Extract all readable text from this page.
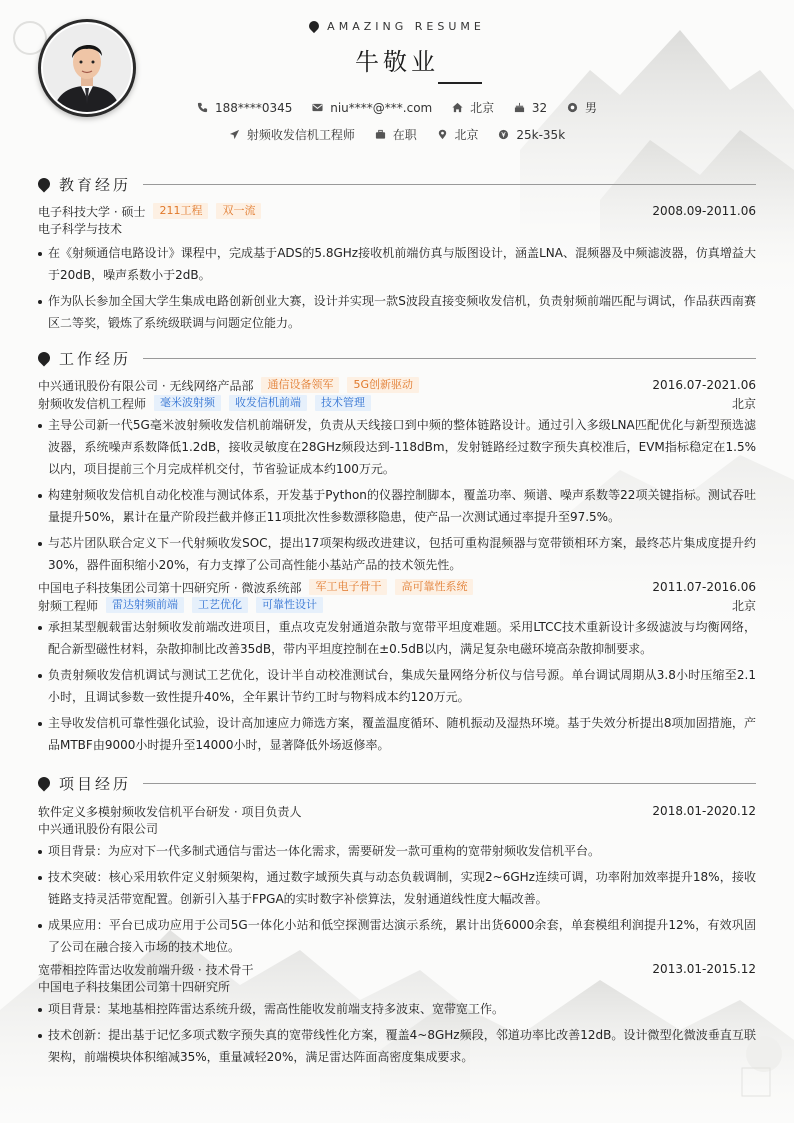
AMAZING RESUME
牛敬业
188****0345	niu****@***.com	北京	32	男
射频收发信机工程师	在职	北京	25k-35k
教育经历
电子科技大学 · 硕士	211工程	双一流	2008.09-2011.06
电子科学与技术
在《射频通信电路设计》课程中，完成基于ADS的5.8GHz接收机前端仿真与版图设计，涵盖LNA、混频器及中频滤波器，仿真增益大于20dB，噪声系数小于2dB。
作为队长参加全国大学生集成电路创新创业大赛，设计并实现一款S波段直接变频收发信机，负责射频前端匹配与调试，作品获西南赛区二等奖，锻炼了系统级联调与问题定位能力。
工作经历
中兴通讯股份有限公司 · 无线网络产品部	通信设备领军	5G创新驱动	2016.07-2021.06
射频收发信机工程师	毫米波射频	收发信机前端	技术管理	北京
主导公司新一代5G毫米波射频收发信机前端研发，负责从天线接口到中频的整体链路设计。通过引入多级LNA匹配优化与新型预选滤波器，系统噪声系数降低1.2dB，接收灵敏度在28GHz频段达到-118dBm，发射链路经过数字预失真校准后，EVM指标稳定在1.5%以内，项目提前三个月完成样机交付，节省验证成本约100万元。
构建射频收发信机自动化校准与测试体系，开发基于Python的仪器控制脚本，覆盖功率、频谱、噪声系数等22项关键指标。测试吞吐量提升50%，累计在量产阶段拦截并修正11项批次性参数漂移隐患，使产品一次测试通过率提升至97.5%。
与芯片团队联合定义下一代射频收发SOC，提出17项架构级改进建议，包括可重构混频器与宽带锁相环方案，最终芯片集成度提升约30%，器件面积缩小20%，有力支撑了公司高性能小基站产品的技术领先性。
中国电子科技集团公司第十四研究所 · 微波系统部	军工电子骨干	高可靠性系统	2011.07-2016.06
射频工程师	雷达射频前端	工艺优化	可靠性设计	北京
承担某型舰载雷达射频收发前端改进项目，重点攻克发射通道杂散与宽带平坦度难题。采用LTCC技术重新设计多级滤波与均衡网络，配合新型磁性材料，杂散抑制比改善35dB，带内平坦度控制在±0.5dB以内，满足复杂电磁环境高杂散抑制要求。
负责射频收发信机调试与测试工艺优化，设计半自动校准测试台，集成矢量网络分析仪与信号源。单台调试周期从3.8小时压缩至2.1小时，且调试参数一致性提升40%，全年累计节约工时与物料成本约120万元。
主导收发信机可靠性强化试验，设计高加速应力筛选方案，覆盖温度循环、随机振动及湿热环境。基于失效分析提出8项加固措施，产品MTBF由9000小时提升至14000小时，显著降低外场返修率。
项目经历
软件定义多模射频收发信机平台研发 · 项目负责人	2018.01-2020.12
中兴通讯股份有限公司
项目背景：为应对下一代多制式通信与雷达一体化需求，需要研发一款可重构的宽带射频收发信机平台。
技术突破：核心采用软件定义射频架构，通过数字域预失真与动态负载调制，实现2~6GHz连续可调，功率附加效率提升18%，接收链路支持灵活带宽配置。创新引入基于FPGA的实时数字补偿算法，发射通道线性度大幅改善。
成果应用：平台已成功应用于公司5G一体化小站和低空探测雷达演示系统，累计出货6000余套，单套模组利润提升12%，有效巩固了公司在融合接入市场的技术地位。
宽带相控阵雷达收发前端升级 · 技术骨干	2013.01-2015.12
中国电子科技集团公司第十四研究所
项目背景：某地基相控阵雷达系统升级，需高性能收发前端支持多波束、宽带宽工作。
技术创新：提出基于记忆多项式数字预失真的宽带线性化方案，覆盖4~8GHz频段，邻道功率比改善12dB。设计微型化微波垂直互联架构，前端模块体积缩减35%，重量减轻20%，满足雷达阵面高密度集成要求。
